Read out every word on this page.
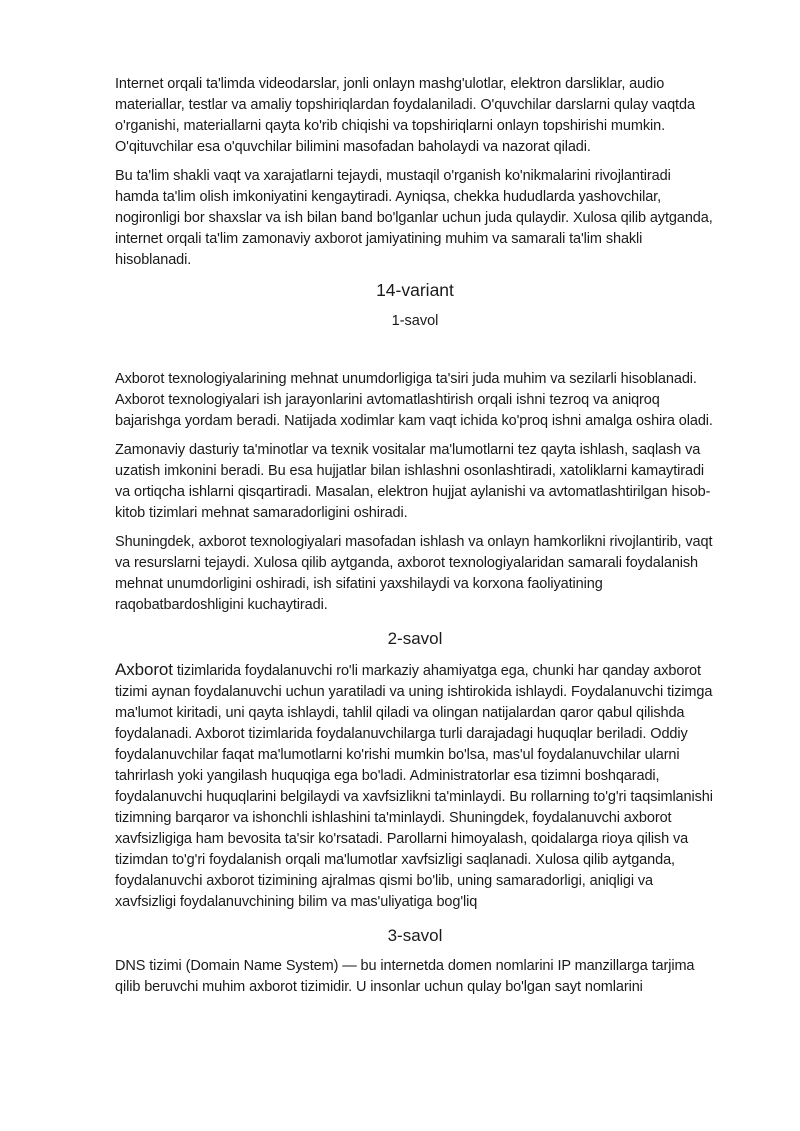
Internet orqali ta'limda videodarslar, jonli onlayn mashg'ulotlar, elektron darsliklar, audio materiallar, testlar va amaliy topshiriqlardan foydalaniladi. O'quvchilar darslarni qulay vaqtda o'rganishi, materiallarni qayta ko'rib chiqishi va topshiriqlarni onlayn topshirishi mumkin. O'qituvchilar esa o'quvchilar bilimini masofadan baholaydi va nazorat qiladi.

Bu ta'lim shakli vaqt va xarajatlarni tejaydi, mustaqil o'rganish ko'nikmalarini rivojlantiradi hamda ta'lim olish imkoniyatini kengaytiradi. Ayniqsa, chekka hududlarda yashovchilar, nogironligi bor shaxslar va ish bilan band bo'lganlar uchun juda qulaydir. Xulosa qilib aytganda, internet orqali ta'lim zamonaviy axborot jamiyatining muhim va samarali ta'lim shakli hisoblanadi.

14-variant
1-savol

Axborot texnologiyalarining mehnat unumdorligiga ta'siri juda muhim va sezilarli hisoblanadi. Axborot texnologiyalari ish jarayonlarini avtomatlashtirish orqali ishni tezroq va aniqroq bajarishga yordam beradi. Natijada xodimlar kam vaqt ichida ko'proq ishni amalga oshira oladi.

Zamonaviy dasturiy ta'minotlar va texnik vositalar ma'lumotlarni tez qayta ishlash, saqlash va uzatish imkonini beradi. Bu esa hujjatlar bilan ishlashni osonlashtiradi, xatoliklarni kamaytiradi va ortiqcha ishlarni qisqartiradi. Masalan, elektron hujjat aylanishi va avtomatlashtirilgan hisob-kitob tizimlari mehnat samaradorligini oshiradi.

Shuningdek, axborot texnologiyalari masofadan ishlash va onlayn hamkorlikni rivojlantirib, vaqt va resurslarni tejaydi. Xulosa qilib aytganda, axborot texnologiyalaridan samarali foydalanish mehnat unumdorligini oshiradi, ish sifatini yaxshilaydi va korxona faoliyatining raqobatbardoshligini kuchaytiradi.

2-savol

Axborot tizimlarida foydalanuvchi ro'li markaziy ahamiyatga ega, chunki har qanday axborot tizimi aynan foydalanuvchi uchun yaratiladi va uning ishtirokida ishlaydi. Foydalanuvchi tizimga ma'lumot kiritadi, uni qayta ishlaydi, tahlil qiladi va olingan natijalardan qaror qabul qilishda foydalanadi. Axborot tizimlarida foydalanuvchilarga turli darajadagi huquqlar beriladi. Oddiy foydalanuvchilar faqat ma'lumotlarni ko'rishi mumkin bo'lsa, mas'ul foydalanuvchilar ularni tahrirlash yoki yangilash huquqiga ega bo'ladi. Administratorlar esa tizimni boshqaradi, foydalanuvchi huquqlarini belgilaydi va xavfsizlikni ta'minlaydi. Bu rollarning to'g'ri taqsimlanishi tizimning barqaror va ishonchli ishlashini ta'minlaydi. Shuningdek, foydalanuvchi axborot xavfsizligiga ham bevosita ta'sir ko'rsatadi. Parollarni himoyalash, qoidalarga rioya qilish va tizimdan to'g'ri foydalanish orqali ma'lumotlar xavfsizligi saqlanadi. Xulosa qilib aytganda, foydalanuvchi axborot tizimining ajralmas qismi bo'lib, uning samaradorligi, aniqligi va xavfsizligi foydalanuvchining bilim va mas'uliyatiga bog'liq

3-savol

DNS tizimi (Domain Name System) — bu internetda domen nomlarini IP manzillarga tarjima qilib beruvchi muhim axborot tizimidir. U insonlar uchun qulay bo'lgan sayt nomlarini
